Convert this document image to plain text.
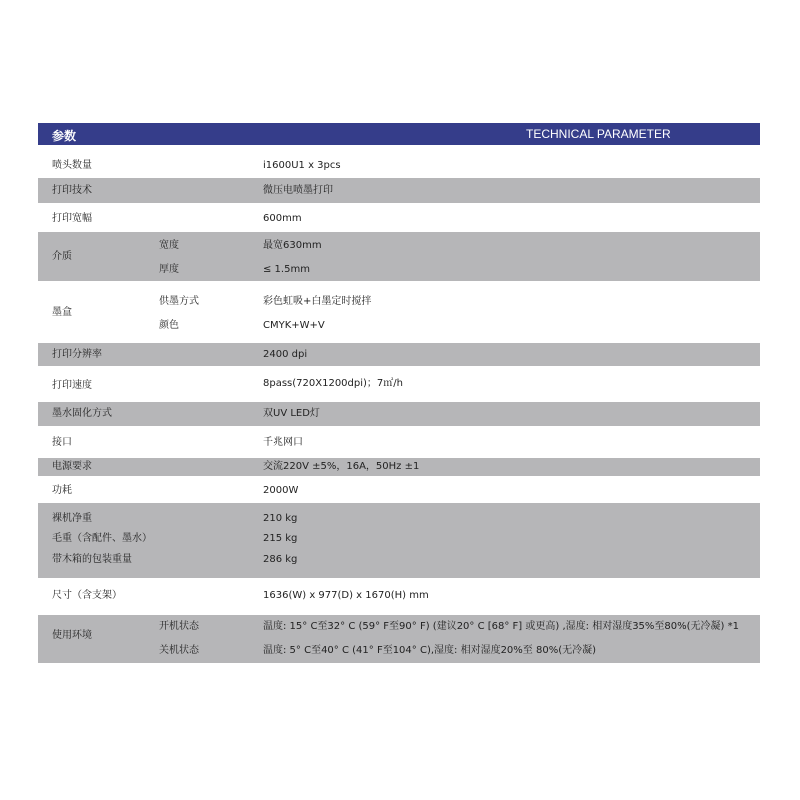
参数	TECHNICAL PARAMETER
喷头数量	i1600U1 x 3pcs
打印技术	微压电喷墨打印
打印宽幅	600mm
介质
宽度	最宽630mm
厚度	≤ 1.5mm
墨盒
供墨方式	彩色虹吸+白墨定时搅拌
颜色	CMYK+W+V
打印分辨率	2400 dpi
打印速度	8pass(720X1200dpi)；7㎡/h
墨水固化方式	双UV LED灯
接口	千兆网口
电源要求	交流220V ±5%，16A，50Hz ±1
功耗	2000W
裸机净重	210 kg
毛重（含配件、墨水）	215 kg
带木箱的包装重量	286 kg
尺寸（含支架）	1636(W) x 977(D) x 1670(H) mm
使用环境
开机状态	温度: 15° C至32° C (59° F至90° F) (建议20° C [68° F] 或更高) ,湿度: 相对湿度35%至80%(无冷凝) *1
关机状态	温度: 5° C至40° C (41° F至104° C),湿度: 相对湿度20%至 80%(无冷凝)
